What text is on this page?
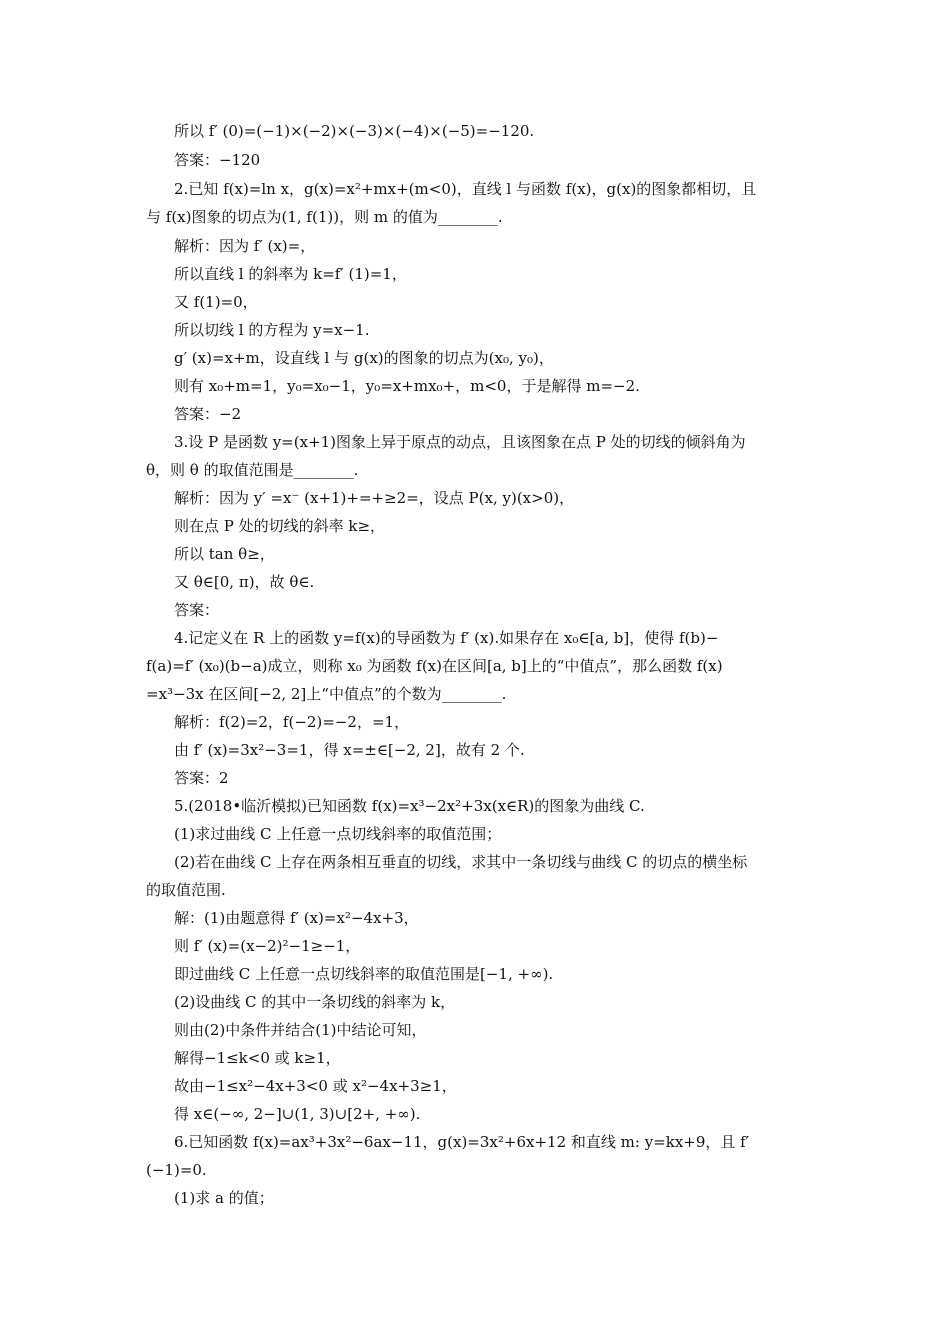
所以 f′ (0)=(−1)×(−2)×(−3)×(−4)×(−5)=−120.
答案：−120
2.已知 f(x)=ln x，g(x)=x²+mx+(m<0)，直线 l 与函数 f(x)，g(x)的图象都相切，且
与 f(x)图象的切点为(1, f(1))，则 m 的值为________.
解析：因为 f′ (x)=，
所以直线 l 的斜率为 k=f′ (1)=1，
又 f(1)=0，
所以切线 l 的方程为 y=x−1.
g′ (x)=x+m，设直线 l 与 g(x)的图象的切点为(x₀, y₀)，
则有 x₀+m=1，y₀=x₀−1，y₀=x+mx₀+，m<0，于是解得 m=−2.
答案：−2
3.设 P 是函数 y=(x+1)图象上异于原点的动点，且该图象在点 P 处的切线的倾斜角为
θ，则 θ 的取值范围是________.
解析：因为 y′ =x⁻ (x+1)+=+≥2=，设点 P(x, y)(x>0)，
则在点 P 处的切线的斜率 k≥，
所以 tan θ≥，
又 θ∈[0, π)，故 θ∈.
答案：
4.记定义在 R 上的函数 y=f(x)的导函数为 f′ (x).如果存在 x₀∈[a, b]，使得 f(b)−
f(a)=f′ (x₀)(b−a)成立，则称 x₀ 为函数 f(x)在区间[a, b]上的“中值点”，那么函数 f(x)
=x³−3x 在区间[−2, 2]上“中值点”的个数为________.
解析：f(2)=2，f(−2)=−2，=1，
由 f′ (x)=3x²−3=1，得 x=±∈[−2, 2]，故有 2 个.
答案：2
5.(2018•临沂模拟)已知函数 f(x)=x³−2x²+3x(x∈R)的图象为曲线 C.
(1)求过曲线 C 上任意一点切线斜率的取值范围；
(2)若在曲线 C 上存在两条相互垂直的切线，求其中一条切线与曲线 C 的切点的横坐标
的取值范围.
解：(1)由题意得 f′ (x)=x²−4x+3，
则 f′ (x)=(x−2)²−1≥−1，
即过曲线 C 上任意一点切线斜率的取值范围是[−1, +∞).
(2)设曲线 C 的其中一条切线的斜率为 k，
则由(2)中条件并结合(1)中结论可知，
解得−1≤k<0 或 k≥1，
故由−1≤x²−4x+3<0 或 x²−4x+3≥1，
得 x∈(−∞, 2−]∪(1, 3)∪[2+, +∞).
6.已知函数 f(x)=ax³+3x²−6ax−11，g(x)=3x²+6x+12 和直线 m: y=kx+9，且 f′
(−1)=0.
(1)求 a 的值；
